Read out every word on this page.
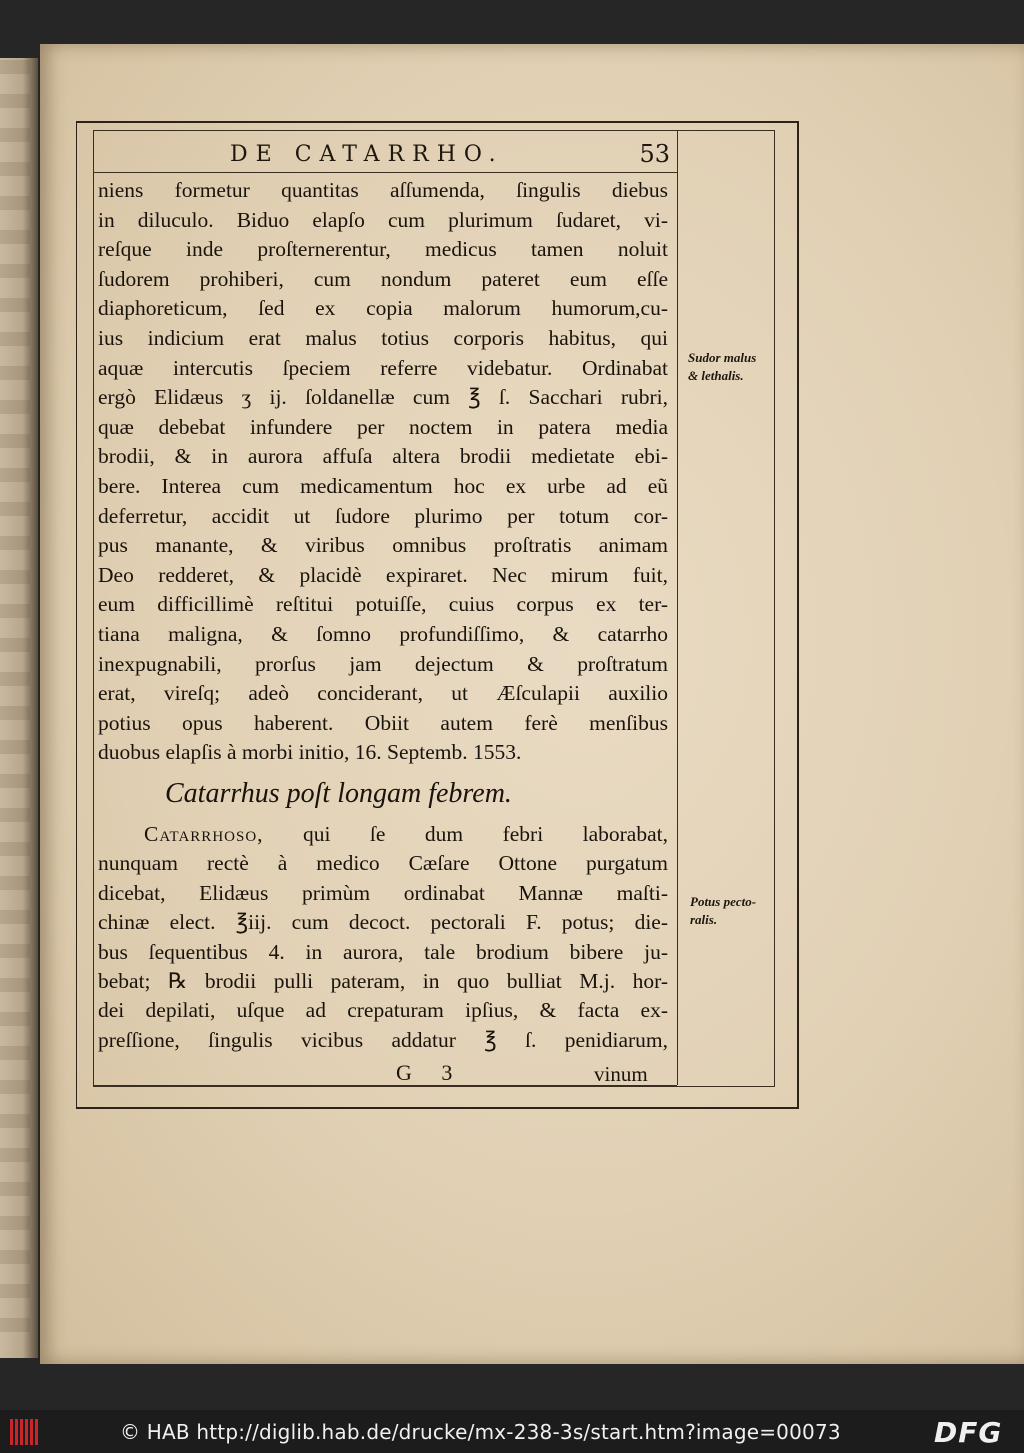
DE CATARRHO.	53
niens formetur quantitas aſſumenda, ſingulis diebus
in diluculo. Biduo elapſo cum plurimum ſudaret, vi-
reſque inde proſternerentur, medicus tamen noluit
ſudorem prohiberi, cum nondum pateret eum eſſe
diaphoreticum, ſed ex copia malorum humorum,cu-
ius indicium erat malus totius corporis habitus, qui
aquæ intercutis ſpeciem referre videbatur. Ordinabat
ergò Elidæus ʒ ij. ſoldanellæ cum ℥ ſ. Sacchari rubri,
quæ debebat infundere per noctem in patera media
brodii, & in aurora affuſa altera brodii medietate ebi-
bere. Interea cum medicamentum hoc ex urbe ad eũ
deferretur, accidit ut ſudore plurimo per totum cor-
pus manante, & viribus omnibus proſtratis animam
Deo redderet, & placidè expiraret. Nec mirum fuit,
eum difficillimè reſtitui potuiſſe, cuius corpus ex ter-
tiana maligna, & ſomno profundiſſimo, & catarrho
inexpugnabili, prorſus jam dejectum & proſtratum
erat, vireſq; adeò conciderant, ut Æſculapii auxilio
potius opus haberent. Obiit autem ferè menſibus
duobus elapſis à morbi initio, 16. Septemb. 1553.
Catarrhus poſt longam febrem.
Catarrhoso, qui ſe dum febri laborabat,
nunquam rectè à medico Cæſare Ottone purgatum
dicebat, Elidæus primùm ordinabat Mannæ maſti-
chinæ elect. ℥iij. cum decoct. pectorali F. potus; die-
bus ſequentibus 4. in aurora, tale brodium bibere ju-
bebat; ℞ brodii pulli pateram, in quo bulliat M.j. hor-
dei depilati, uſque ad crepaturam ipſius, & facta ex-
preſſione, ſingulis vicibus addatur ℥ ſ. penidiarum,
G 3	vinum
Sudor malus
& lethalis.
Potus pecto-
ralis.
© HAB http://diglib.hab.de/drucke/mx-238-3s/start.htm?image=00073	DFG
